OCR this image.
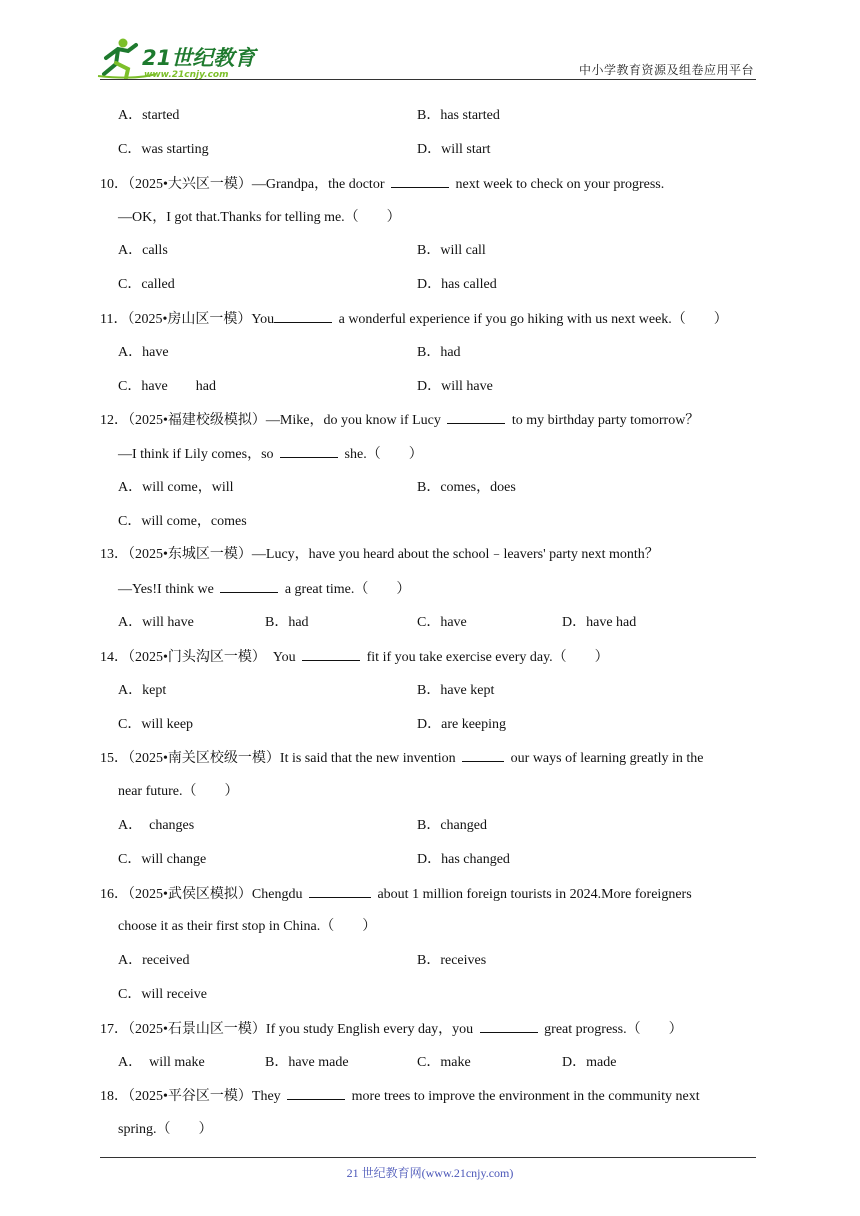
21世纪教育
www.21cnjy.com	中小学教育资源及组卷应用平台
A．started	B．has started
C．was starting	D．will start
10．（2025•大兴区一模）—Grandpa，the doctor	next week to check on your progress.
—OK，I got that.Thanks for telling me.（　　）
A．calls	B．will call
C．called	D．has called
11．（2025•房山区一模）You	a wonderful experience if you go hiking with us next week.（　　）
A．have	B．had
C．have　　had	D．will have
12．（2025•福建校级模拟）—Mike，do you know if Lucy	to my birthday party tomorrow？
—I think if Lily comes，so	she.（　　）
A．will come，will	B．comes，does
C．will come，comes
13．（2025•东城区一模）—Lucy，have you heard about the school﹣leavers' party next month？
—Yes!I think we	a great time.（　　）
A．will have	B．had	C．have	D．have had
14．（2025•门头沟区一模） You	fit if you take exercise every day.（　　）
A．kept	B．have kept
C．will keep	D．are keeping
15．（2025•南关区校级一模）It is said that the new invention	our ways of learning greatly in the
near future.（　　）
A．　changes	B．changed
C．will change	D．has changed
16．（2025•武侯区模拟）Chengdu	about 1 million foreign tourists in 2024.More foreigners
choose it as their first stop in China.（　　）
A．received	B．receives
C．will receive
17．（2025•石景山区一模）If you study English every day，you	great progress.（　　）
A．　will make	B．have made	C．make	D．made
18．（2025•平谷区一模）They	more trees to improve the environment in the community next
spring.（　　）
21 世纪教育网(www.21cnjy.com)
